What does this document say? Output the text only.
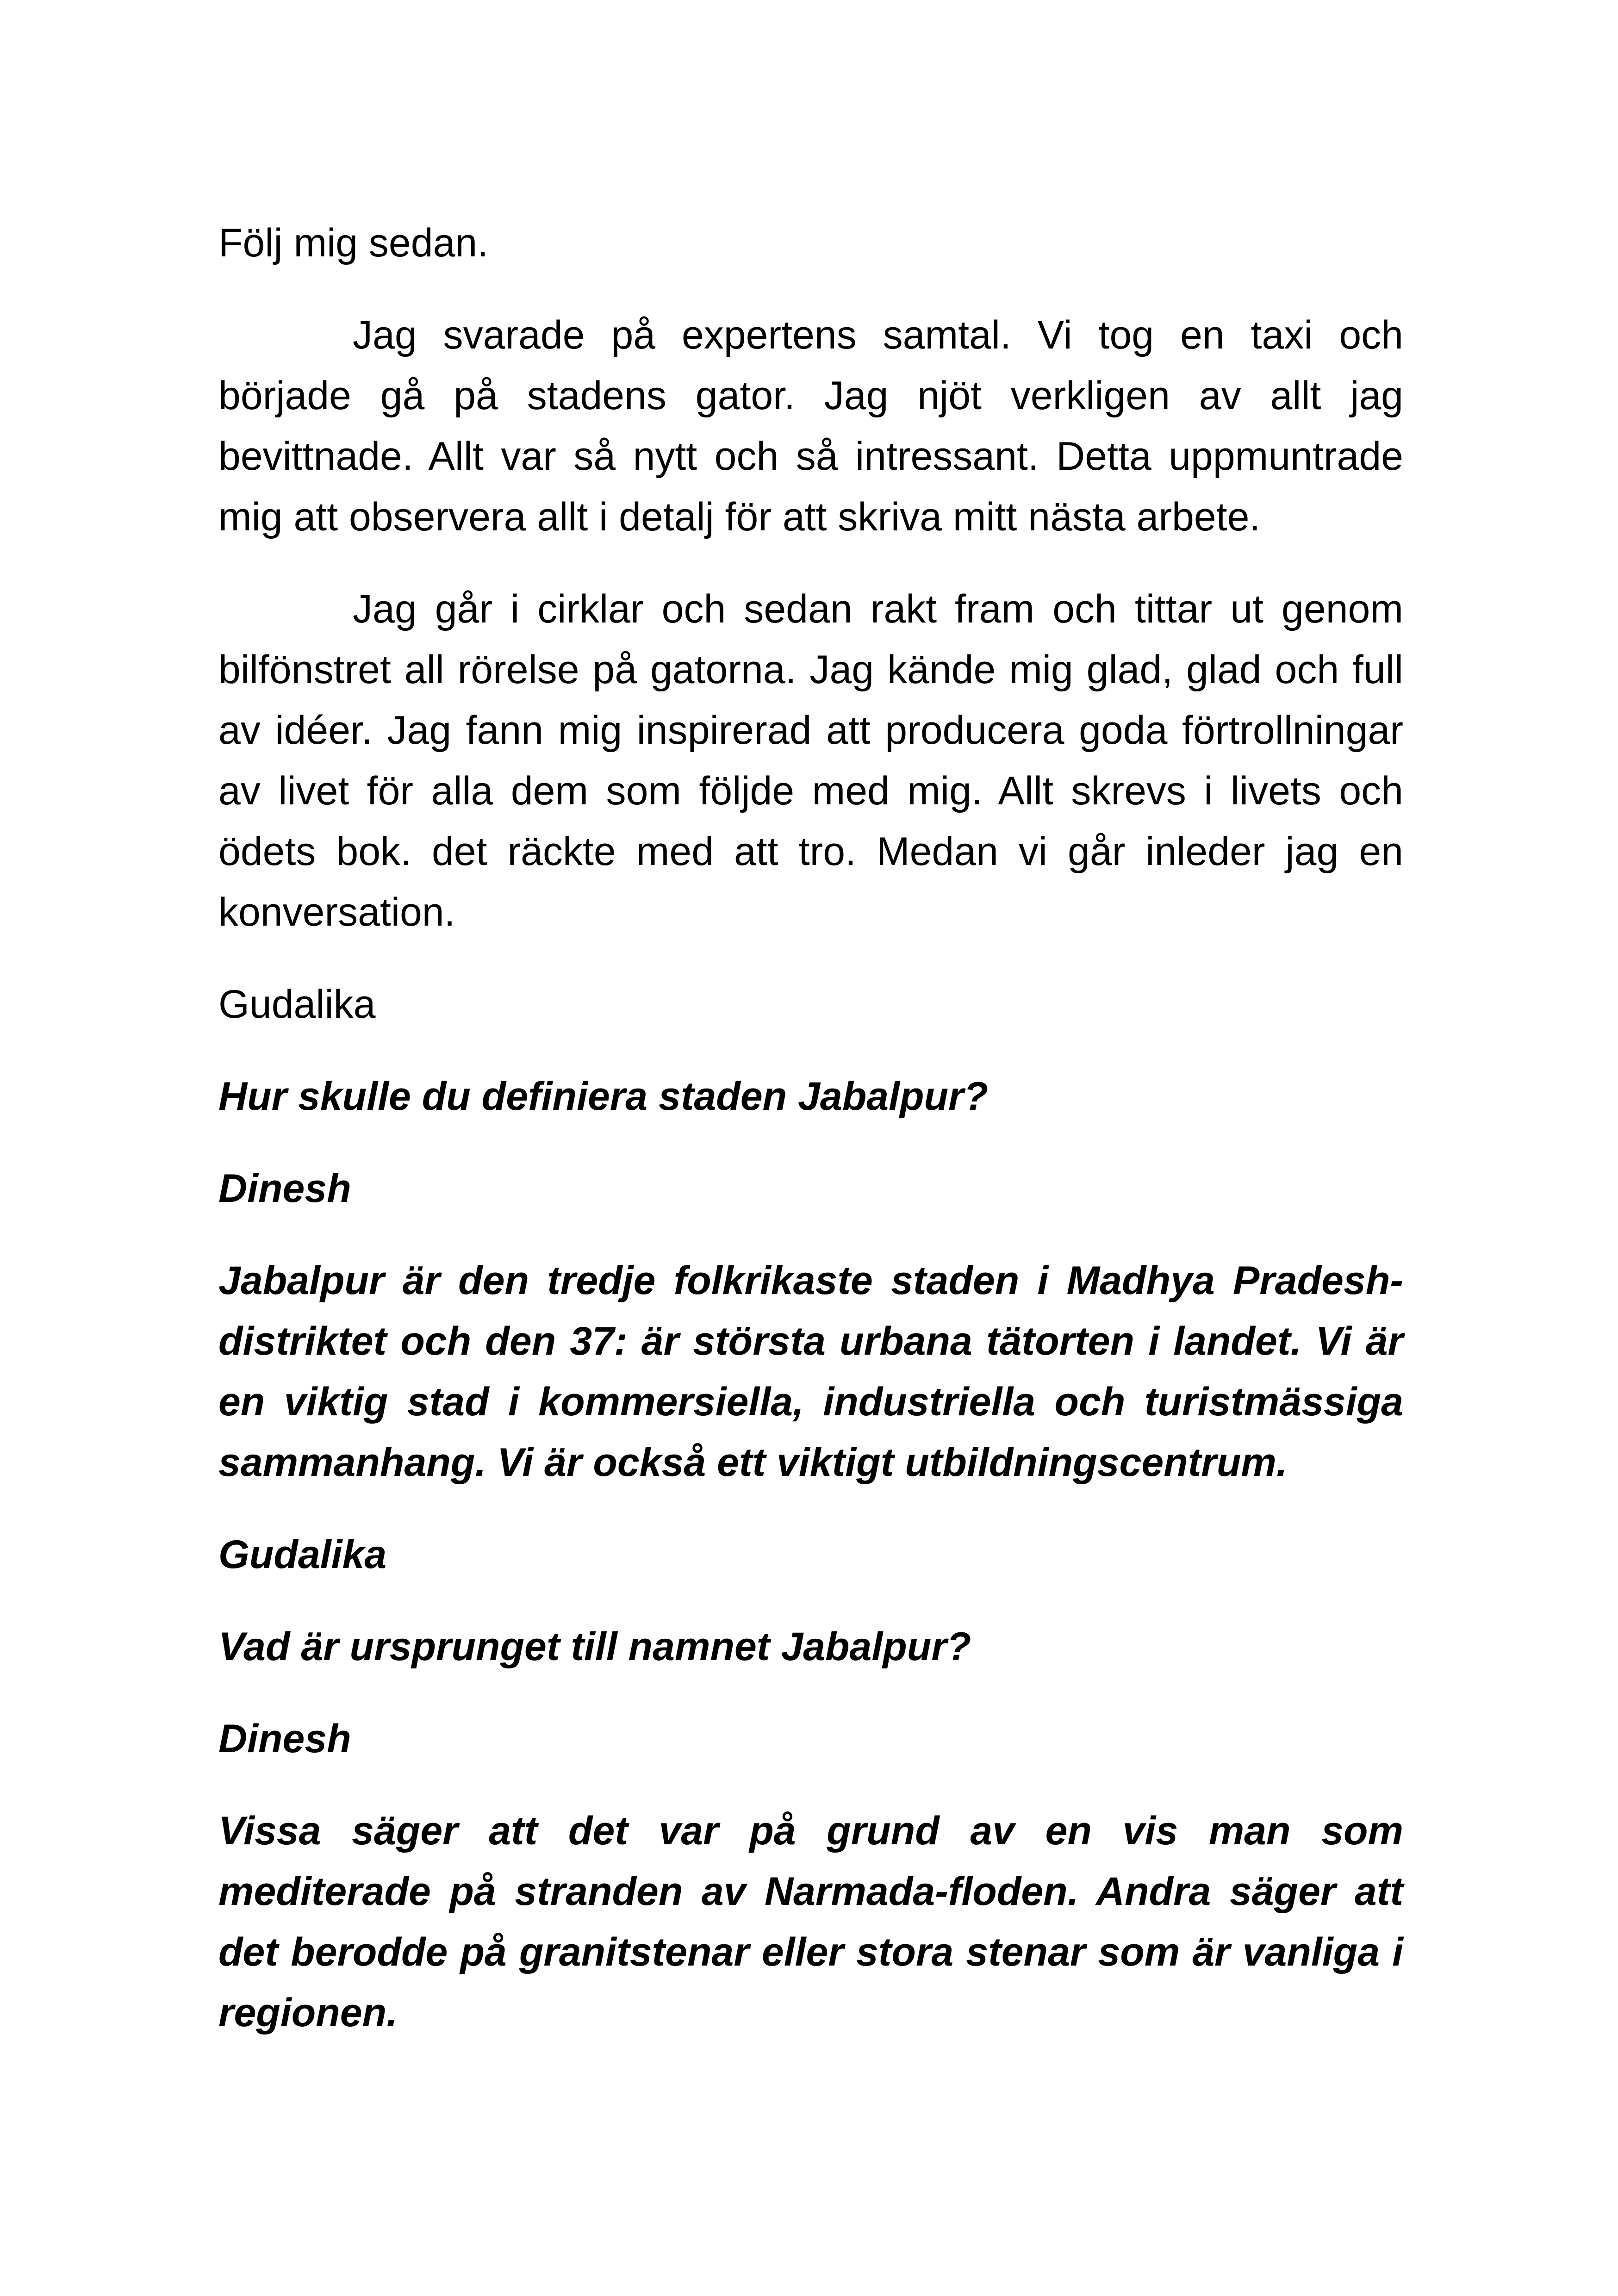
Följ mig sedan.

Jag svarade på expertens samtal. Vi tog en taxi och började gå på stadens gator. Jag njöt verkligen av allt jag bevittnade. Allt var så nytt och så intressant. Detta uppmuntrade mig att observera allt i detalj för att skriva mitt nästa arbete.

Jag går i cirklar och sedan rakt fram och tittar ut genom bilfönstret all rörelse på gatorna. Jag kände mig glad, glad och full av idéer. Jag fann mig inspirerad att producera goda förtrollningar av livet för alla dem som följde med mig. Allt skrevs i livets och ödets bok. det räckte med att tro. Medan vi går inleder jag en konversation.

Gudalika

Hur skulle du definiera staden Jabalpur?

Dinesh

Jabalpur är den tredje folkrikaste staden i Madhya Pradesh-distriktet och den 37: är största urbana tätorten i landet. Vi är en viktig stad i kommersiella, industriella och turistmässiga sammanhang. Vi är också ett viktigt utbildningscentrum.

Gudalika

Vad är ursprunget till namnet Jabalpur?

Dinesh

Vissa säger att det var på grund av en vis man som mediterade på stranden av Narmada-floden. Andra säger att det berodde på granitstenar eller stora stenar som är vanliga i regionen.
